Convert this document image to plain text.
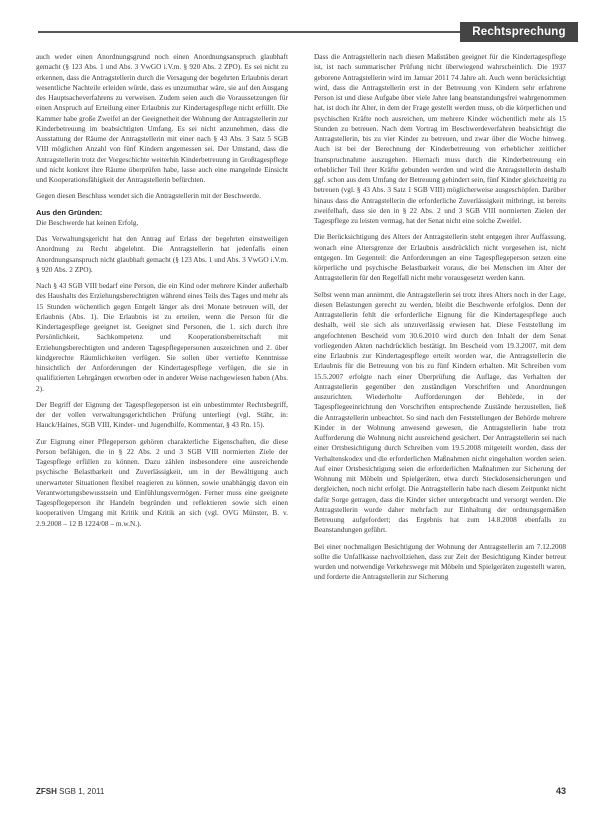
Rechtsprechung

auch weder einen Anordnungsgrund noch einen Anordnungsanspruch glaubhaft gemacht (§ 123 Abs. 1 und Abs. 3 VwGO i.V.m. § 920 Abs. 2 ZPO). Es sei nicht zu erkennen, dass die Antragstellerin durch die Versagung der begehrten Erlaubnis derart wesentliche Nachteile erleiden würde, dass es unzumutbar wäre, sie auf den Ausgang des Hauptsacheverfahrens zu verweisen. Zudem seien auch die Voraussetzungen für einen Anspruch auf Erteilung einer Erlaubnis zur Kindertagespflege nicht erfüllt. Die Kammer habe große Zweifel an der Geeignetheit der Wohnung der Antragstellerin zur Kinderbetreuung im beabsichtigten Umfang. Es sei nicht anzunehmen, dass die Ausstattung der Räume der Antragstellerin mit einer nach § 43 Abs. 3 Satz 5 SGB VIII möglichen Anzahl von fünf Kindern angemessen sei. Der Umstand, dass die Antragstellerin trotz der Vorgeschichte weiterhin Kinderbetreuung in Großtagespflege und nicht konkret ihre Räume überprüfen habe, lasse auch eine mangelnde Einsicht und Kooperationsfähigkeit der Antragstellerin befürchten.

Gegen diesen Beschluss wendet sich die Antragstellerin mit der Beschwerde.

Aus den Gründen:

Die Beschwerde hat keinen Erfolg.

Das Verwaltungsgericht hat den Antrag auf Erlass der begehrten einstweiligen Anordnung zu Recht abgelehnt. Die Antragstellerin hat jedenfalls einen Anordnungsanspruch nicht glaubhaft gemacht (§ 123 Abs. 1 und Abs. 3 VwGO i.V.m. § 920 Abs. 2 ZPO).

Nach § 43 SGB VIII bedarf eine Person, die ein Kind oder mehrere Kinder außerhalb des Haushalts des Erziehungsberechtigten während eines Teils des Tages und mehr als 15 Stunden wöchentlich gegen Entgelt länger als drei Monate betreuen will, der Erlaubnis (Abs. 1). Die Erlaubnis ist zu erteilen, wenn die Person für die Kindertagespflege geeignet ist. Geeignet sind Personen, die 1. sich durch ihre Persönlichkeit, Sachkompetenz und Kooperationsbereitschaft mit Erziehungsberechtigten und anderen Tagespflegepersonen auszeichnen und 2. über kindgerechte Räumlichkeiten verfügen. Sie sollen über vertiefte Kenntnisse hinsichtlich der Anforderungen der Kindertagespflege verfügen, die sie in qualifizierten Lehrgängen erworben oder in anderer Weise nachgewiesen haben (Abs. 2).

Der Begriff der Eignung der Tagespflegeperson ist ein unbestimmter Rechtsbegriff, der der vollen verwaltungsgerichtlichen Prüfung unterliegt (vgl. Stähr, in: Hauck/Haines, SGB VIII, Kinder- und Jugendhilfe, Kommentar, § 43 Rn. 15).

Zur Eignung einer Pflegeperson gehören charakterliche Eigenschaften, die diese Person befähigen, die in § 22 Abs. 2 und 3 SGB VIII normierten Ziele der Tagespflege erfüllen zu können. Dazu zählen insbesondere eine ausreichende psychische Belastbarkeit und Zuverlässigkeit, um in der Bewältigung auch unerwarteter Situationen flexibel reagieren zu können, sowie unabhängig davon ein Verantwortungsbewusstsein und Einfühlungsvermögen. Ferner muss eine geeignete Tagespflegeperson ihr Handeln begründen und reflektieren sowie sich einen kooperativen Umgang mit Kritik und Kritik an sich (vgl. OVG Münster, B. v. 2.9.2008 – 12 B 1224/08 – m.w.N.).

Dass die Antragstellerin nach diesen Maßstäben geeignet für die Kindertagespflege ist, ist nach summarischer Prüfung nicht überwiegend wahrscheinlich. Die 1937 geborene Antragstellerin wird im Januar 2011 74 Jahre alt. Auch wenn berücksichtigt wird, dass die Antragstellerin erst in der Betreuung von Kindern sehr erfahrene Person ist und diese Aufgabe über viele Jahre lang beanstandungsfrei wahrgenommen hat, ist doch ihr Alter, in dem der Frage gestellt werden muss, ob die körperlichen und psychischen Kräfte noch ausreichen, um mehrere Kinder wöchentlich mehr als 15 Stunden zu betreuen. Nach dem Vortrag im Beschwerdeverfahren beabsichtigt die Antragstellerin, bis zu vier Kinder zu betreuen, und zwar über die Woche hinweg. Auch ist bei der Berechnung der Kinderbetreuung von erheblicher zeitlicher Inanspruchnahme auszugehen. Hiernach muss durch die Kinderbetreuung ein erheblicher Teil ihrer Kräfte gebunden werden und wird die Antragstellerin deshalb ggf. schon aus dem Umfang der Betreuung gehindert sein, fünf Kinder gleichzeitig zu betreuen (vgl. § 43 Abs. 3 Satz 1 SGB VIII) möglicherweise ausgeschöpfen. Darüber hinaus dass die Antragstellerin die erforderliche Zuverlässigkeit mitbringt, ist bereits zweifelhaft, dass sie den in § 22 Abs. 2 und 3 SGB VIII normierten Zielen der Tagespflege zu leisten vermag, hat der Senat nicht eine solche Zweifel.

Die Berücksichtigung des Alters der Antragstellerin steht entgegen ihrer Auffassung, wonach eine Altersgrenze der Erlaubnis ausdrücklich nicht vorgesehen ist, nicht entgegen. Im Gegenteil: die Anforderungen an eine Tagespflegeperson setzen eine körperliche und psychische Belastbarkeit voraus, die bei Menschen im Alter der Antragstellerin für den Regelfall nicht mehr vorausgesetzt werden kann.

Selbst wenn man annimmt, die Antragstellerin sei trotz ihres Alters noch in der Lage, diesen Belastungen gerecht zu werden, bleibt die Beschwerde erfolglos. Denn der Antragstellerin fehlt die erforderliche Eignung für die Kindertagespflege auch deshalb, weil sie sich als unzuverlässig erwiesen hat. Diese Feststellung im angefochtenen Bescheid vom 30.6.2010 wird durch den Inhalt der dem Senat vorliegenden Akten nachdrücklich bestätigt. Im Bescheid vom 19.3.2007, mit dem eine Erlaubnis zur Kindertagespflege erteilt worden war, die Antragstellerin die Erlaubnis für die Betreuung von bis zu fünf Kindern erhalten. Mit Schreiben vom 15.5.2007 erfolgte nach einer Überprüfung die Auflage, das Verhalten der Antragstellerin gegenüber den zuständigen Vorschriften und Anordnungen auszurichten. Wiederholte Aufforderungen der Behörde, in der Tagespflegeeinrichtung den Vorschriften entsprechende Zustände herzustellen, ließ die Antragstellerin unbeachtet. So sind nach den Feststellungen der Behörde mehrere Kinder in der Wohnung anwesend gewesen, die Antragstellerin habe trotz Aufforderung die Wohnung nicht ausreichend gesichert. Der Antragstellerin sei nach einer Ortsbesichtigung durch Schreiben vom 19.5.2008 mitgeteilt worden, dass der Verhaltenskodex und die erforderlichen Maßnahmen nicht eingehalten worden seien. Auf einer Ortsbesichtigung seien die erforderlichen Maßnahmen zur Sicherung der Wohnung mit Möbeln und Spielgeräten, etwa durch Steckdosensicherungen und dergleichen, noch nicht erfolgt. Die Antragstellerin habe nach diesem Zeitpunkt nicht dafür Sorge getragen, dass die Kinder sicher untergebracht und versorgt werden. Die Antragstellerin wurde daher mehrfach zur Einhaltung der ordnungsgemäßen Betreuung aufgefordert; das Ergebnis hat zum 14.8.2008 ebenfalls zu Beanstandungen geführt.

Bei einer nochmaligen Besichtigung der Wohnung der Antragstellerin am 7.12.2008 sollte die Unfallkasse nachvollziehen, dass zur Zeit der Besichtigung Kinder betreut wurden und notwendige Verkehrswege mit Möbeln und Spielgeräten zugestellt waren, und forderte die Antragstellerin zur Sicherung

ZFSH SGB 1, 2011	43
